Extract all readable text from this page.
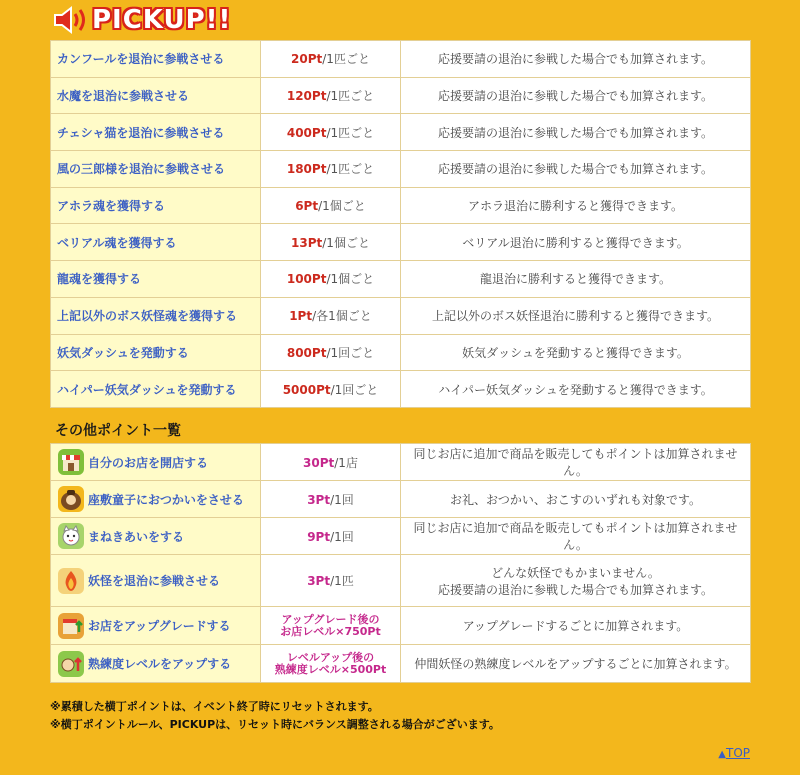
PICKUP!!
カンフールを退治に参戦させる	20Pt/1匹ごと	応援要請の退治に参戦した場合でも加算されます。
水魔を退治に参戦させる	120Pt/1匹ごと	応援要請の退治に参戦した場合でも加算されます。
チェシャ猫を退治に参戦させる	400Pt/1匹ごと	応援要請の退治に参戦した場合でも加算されます。
風の三郎様を退治に参戦させる	180Pt/1匹ごと	応援要請の退治に参戦した場合でも加算されます。
アホラ魂を獲得する	6Pt/1個ごと	アホラ退治に勝利すると獲得できます。
ベリアル魂を獲得する	13Pt/1個ごと	ベリアル退治に勝利すると獲得できます。
龍魂を獲得する	100Pt/1個ごと	龍退治に勝利すると獲得できます。
上記以外のボス妖怪魂を獲得する	1Pt/各1個ごと	上記以外のボス妖怪退治に勝利すると獲得できます。
妖気ダッシュを発動する	800Pt/1回ごと	妖気ダッシュを発動すると獲得できます。
ハイパー妖気ダッシュを発動する	5000Pt/1回ごと	ハイパー妖気ダッシュを発動すると獲得できます。
その他ポイント一覧
自分のお店を開店する	30Pt/1店	同じお店に追加で商品を販売してもポイントは加算されません。

座敷童子におつかいをさせる	3Pt/1回	お礼、おつかい、おこすのいずれも対象です。

まねきあいをする	9Pt/1回	同じお店に追加で商品を販売してもポイントは加算されません。

妖怪を退治に参戦させる	3Pt/1匹	どんな妖怪でもかまいません。
応援要請の退治に参戦した場合でも加算されます。

お店をアップグレードする	アップグレード後の
お店レベル×750Pt	アップグレードするごとに加算されます。

熟練度レベルをアップする	レベルアップ後の
熟練度レベル×500Pt	仲間妖怪の熟練度レベルをアップするごとに加算されます。
※累積した横丁ポイントは、イベント終了時にリセットされます。
※横丁ポイントルール、PICKUPは、リセット時にバランス調整される場合がございます。
▲TOP
